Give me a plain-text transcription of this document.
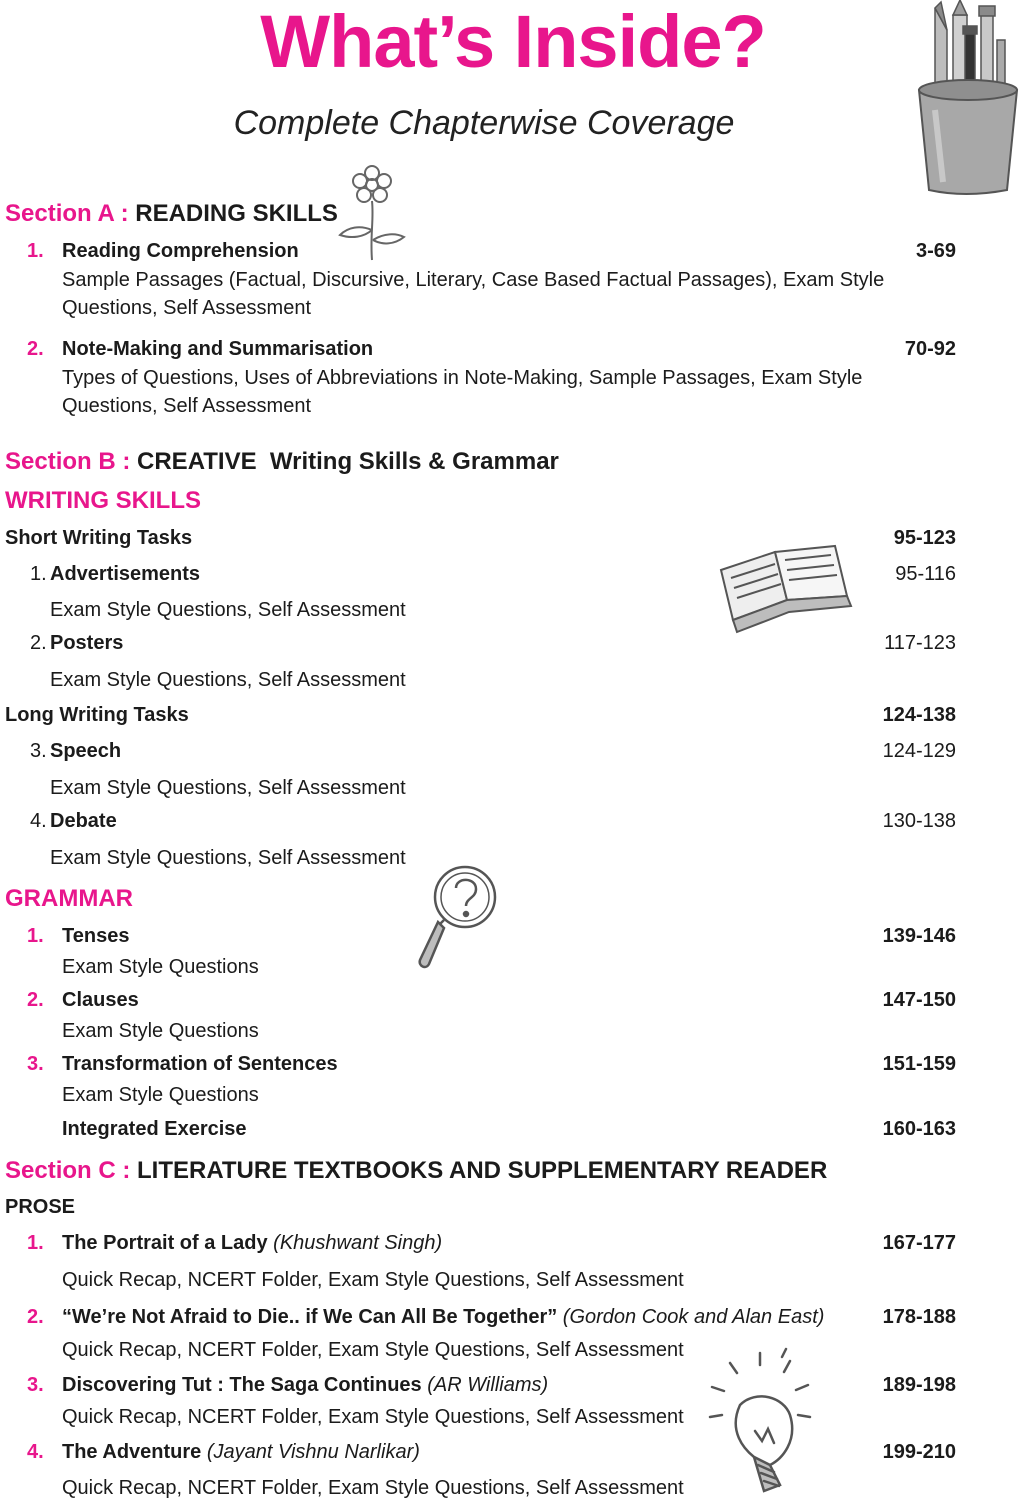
What’s Inside?
Complete Chapterwise Coverage
Section A : READING SKILLS
1. Reading Comprehension	3-69
Sample Passages (Factual, Discursive, Literary, Case Based Factual Passages), Exam Style Questions, Self Assessment
2. Note-Making and Summarisation	70-92
Types of Questions, Uses of Abbreviations in Note-Making, Sample Passages, Exam Style Questions, Self Assessment
Section B : CREATIVE  Writing Skills & Grammar
WRITING SKILLS
Short Writing Tasks	95-123
1. Advertisements	95-116
Exam Style Questions, Self Assessment
2. Posters	117-123
Exam Style Questions, Self Assessment
Long Writing Tasks	124-138
3. Speech	124-129
Exam Style Questions, Self Assessment
4. Debate	130-138
Exam Style Questions, Self Assessment
GRAMMAR
1. Tenses	139-146
Exam Style Questions
2. Clauses	147-150
Exam Style Questions
3. Transformation of Sentences	151-159
Exam Style Questions
Integrated Exercise	160-163
Section C : LITERATURE TEXTBOOKS AND SUPPLEMENTARY READER
PROSE
1. The Portrait of a Lady (Khushwant Singh)	167-177
Quick Recap, NCERT Folder, Exam Style Questions, Self Assessment
2. “We’re Not Afraid to Die.. if We Can All Be Together” (Gordon Cook and Alan East)	178-188
Quick Recap, NCERT Folder, Exam Style Questions, Self Assessment
3. Discovering Tut : The Saga Continues (AR Williams)	189-198
Quick Recap, NCERT Folder, Exam Style Questions, Self Assessment
4. The Adventure (Jayant Vishnu Narlikar)	199-210
Quick Recap, NCERT Folder, Exam Style Questions, Self Assessment
